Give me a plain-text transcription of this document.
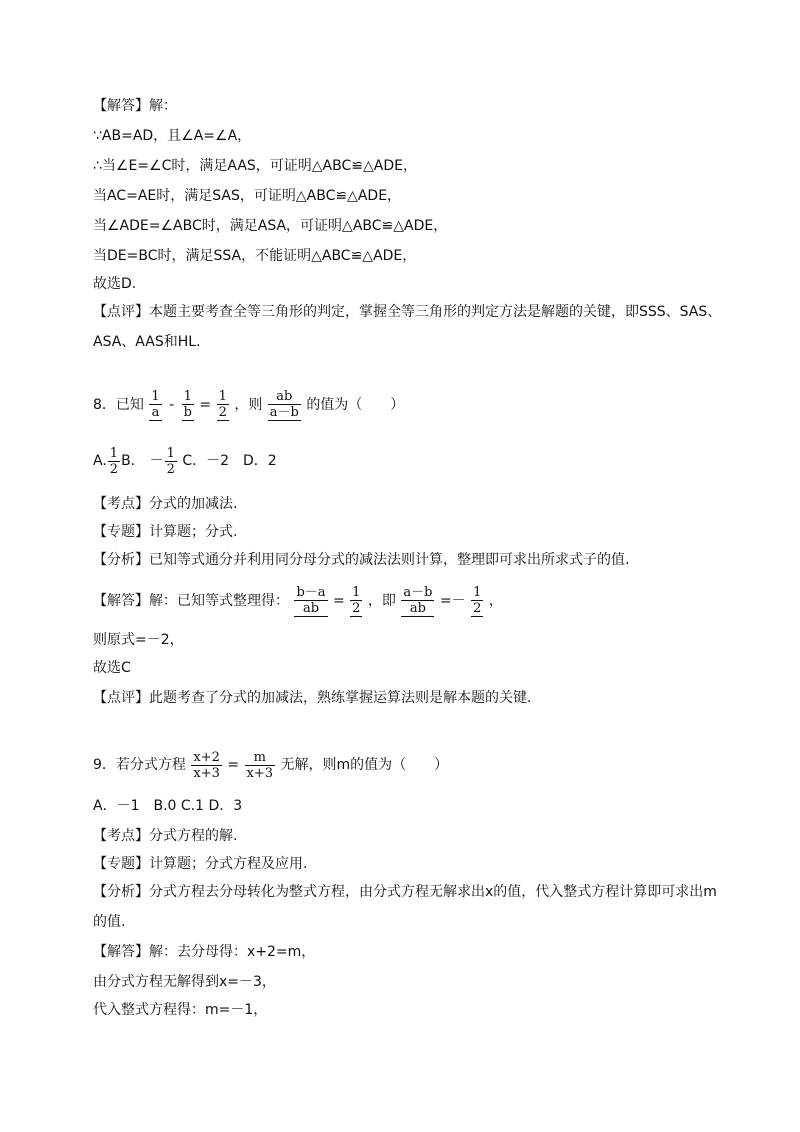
【解答】解：
∵AB=AD，且∠A=∠A，
∴当∠E=∠C时，满足AAS，可证明△ABC≌△ADE，
当AC=AE时，满足SAS，可证明△ABC≌△ADE，
当∠ADE=∠ABC时，满足ASA，可证明△ABC≌△ADE，
当DE=BC时，满足SSA，不能证明△ABC≌△ADE，
故选D.
【点评】本题主要考查全等三角形的判定，掌握全等三角形的判定方法是解题的关键，即SSS、SAS、
ASA、AAS和HL.
8．已知 $\frac{1}{a} - \frac{1}{b} = \frac{1}{2}$ ，则 $\frac{ab}{a-b}$ 的值为（　　）
A. $\frac{1}{2} B$. － $\frac{1}{2}$ C．－2　D．2
【考点】分式的加减法.
【专题】计算题；分式.
【分析】已知等式通分并利用同分母分式的减法法则计算，整理即可求出所求式子的值.
【解答】解：已知等式整理得： $\frac{b-a}{ab} = \frac{1}{2}$ ，即 $\frac{a-b}{ab} =- \frac{1}{2}$ ，
则原式=－2，
故选C
【点评】此题考查了分式的加减法，熟练掌握运算法则是解本题的关键.
9．若分式方程 $\frac{x+2}{x+3} = \frac{m}{x+3}$ 无解，则m的值为（　　）
A．－1　B.0 C.1 D．3
【考点】分式方程的解.
【专题】计算题；分式方程及应用.
【分析】分式方程去分母转化为整式方程，由分式方程无解求出x的值，代入整式方程计算即可求出m
的值.
【解答】解：去分母得：x+2=m，
由分式方程无解得到x=－3，
代入整式方程得：m=－1，
